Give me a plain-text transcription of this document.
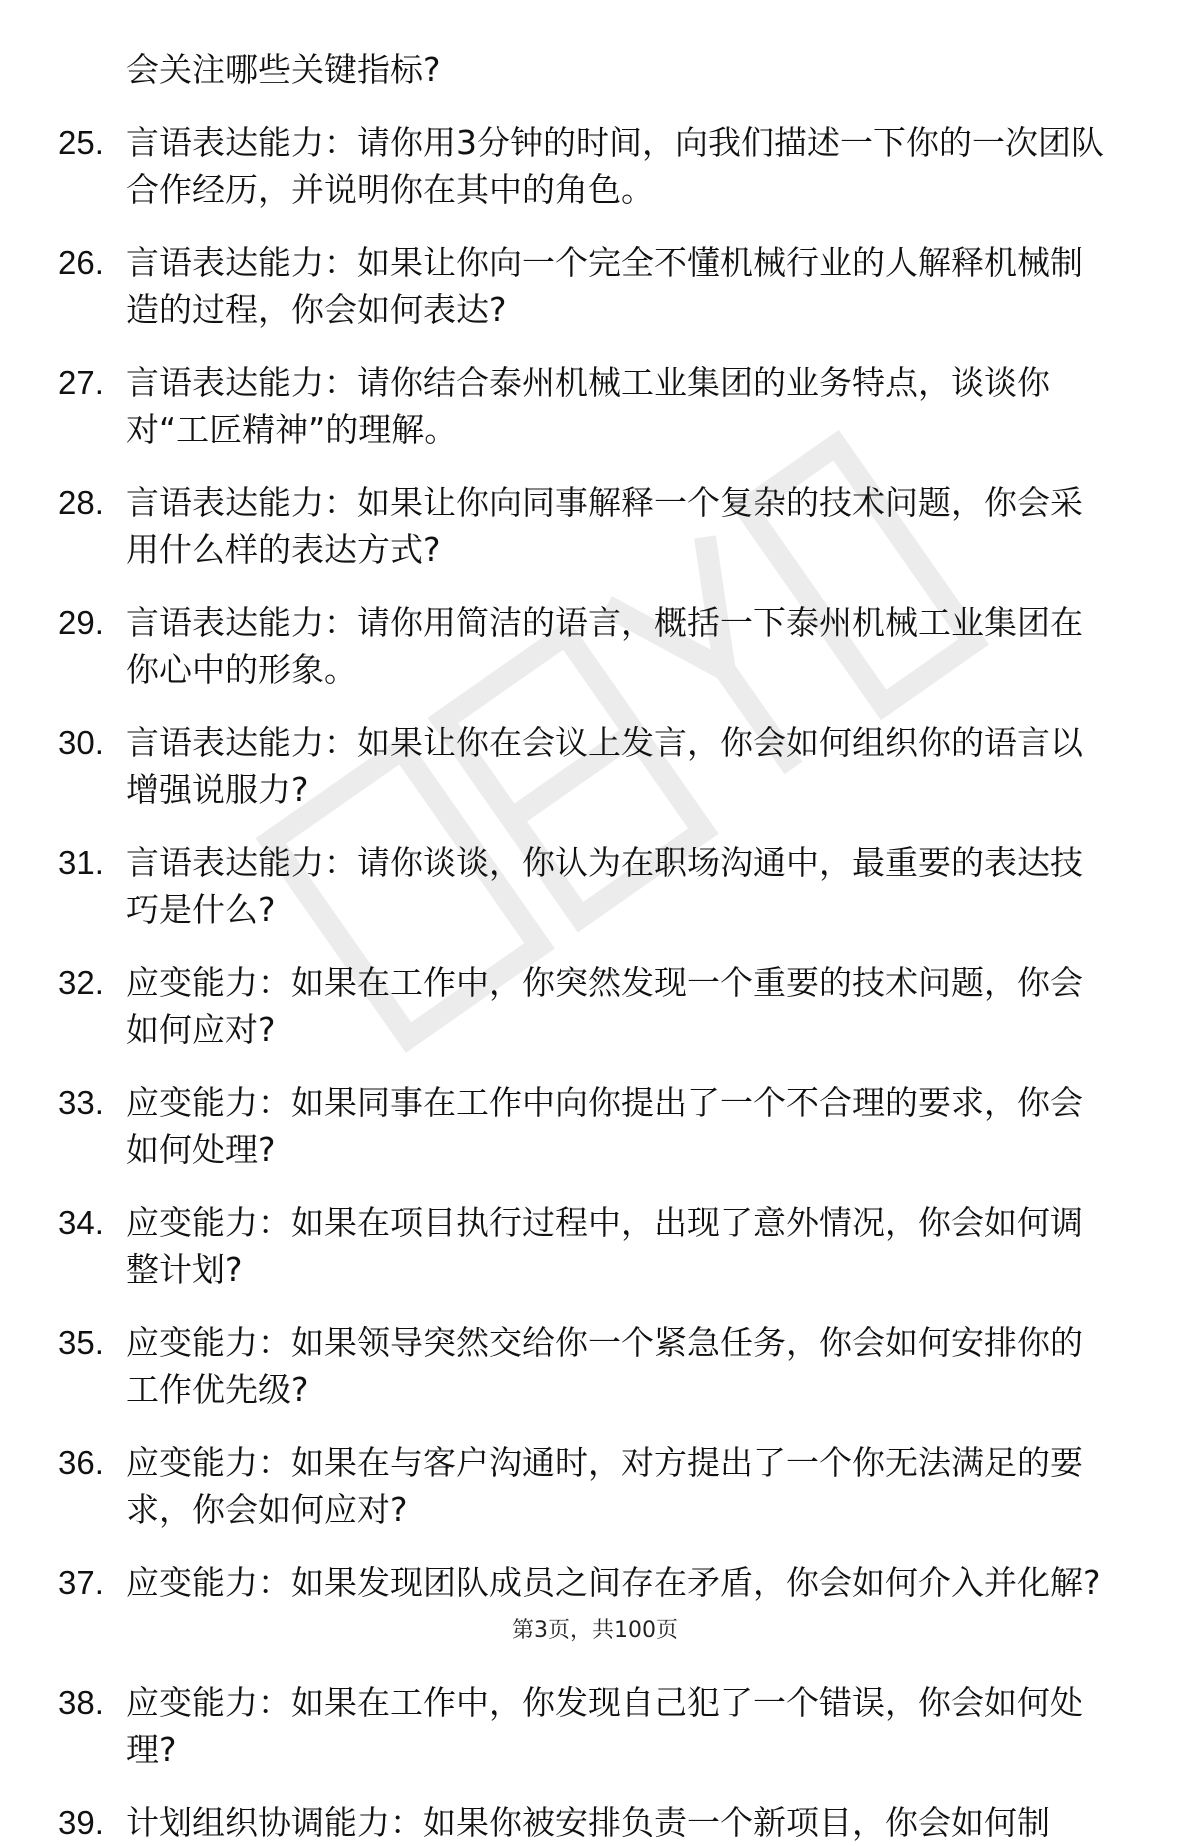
会关注哪些关键指标?
25. 言语表达能力：请你用3分钟的时间，向我们描述一下你的一次团队合作经历，并说明你在其中的角色。
26. 言语表达能力：如果让你向一个完全不懂机械行业的人解释机械制造的过程，你会如何表达?
27. 言语表达能力：请你结合泰州机械工业集团的业务特点，谈谈你对“工匠精神”的理解。
28. 言语表达能力：如果让你向同事解释一个复杂的技术问题，你会采用什么样的表达方式?
29. 言语表达能力：请你用简洁的语言，概括一下泰州机械工业集团在你心中的形象。
30. 言语表达能力：如果让你在会议上发言，你会如何组织你的语言以增强说服力?
31. 言语表达能力：请你谈谈，你认为在职场沟通中，最重要的表达技巧是什么?
32. 应变能力：如果在工作中，你突然发现一个重要的技术问题，你会如何应对?
33. 应变能力：如果同事在工作中向你提出了一个不合理的要求，你会如何处理?
34. 应变能力：如果在项目执行过程中，出现了意外情况，你会如何调整计划?
35. 应变能力：如果领导突然交给你一个紧急任务，你会如何安排你的工作优先级?
36. 应变能力：如果在与客户沟通时，对方提出了一个你无法满足的要求，你会如何应对?
37. 应变能力：如果发现团队成员之间存在矛盾，你会如何介入并化解?
38. 应变能力：如果在工作中，你发现自己犯了一个错误，你会如何处理?
39. 计划组织协调能力：如果你被安排负责一个新项目，你会如何制
第3页，共100页
